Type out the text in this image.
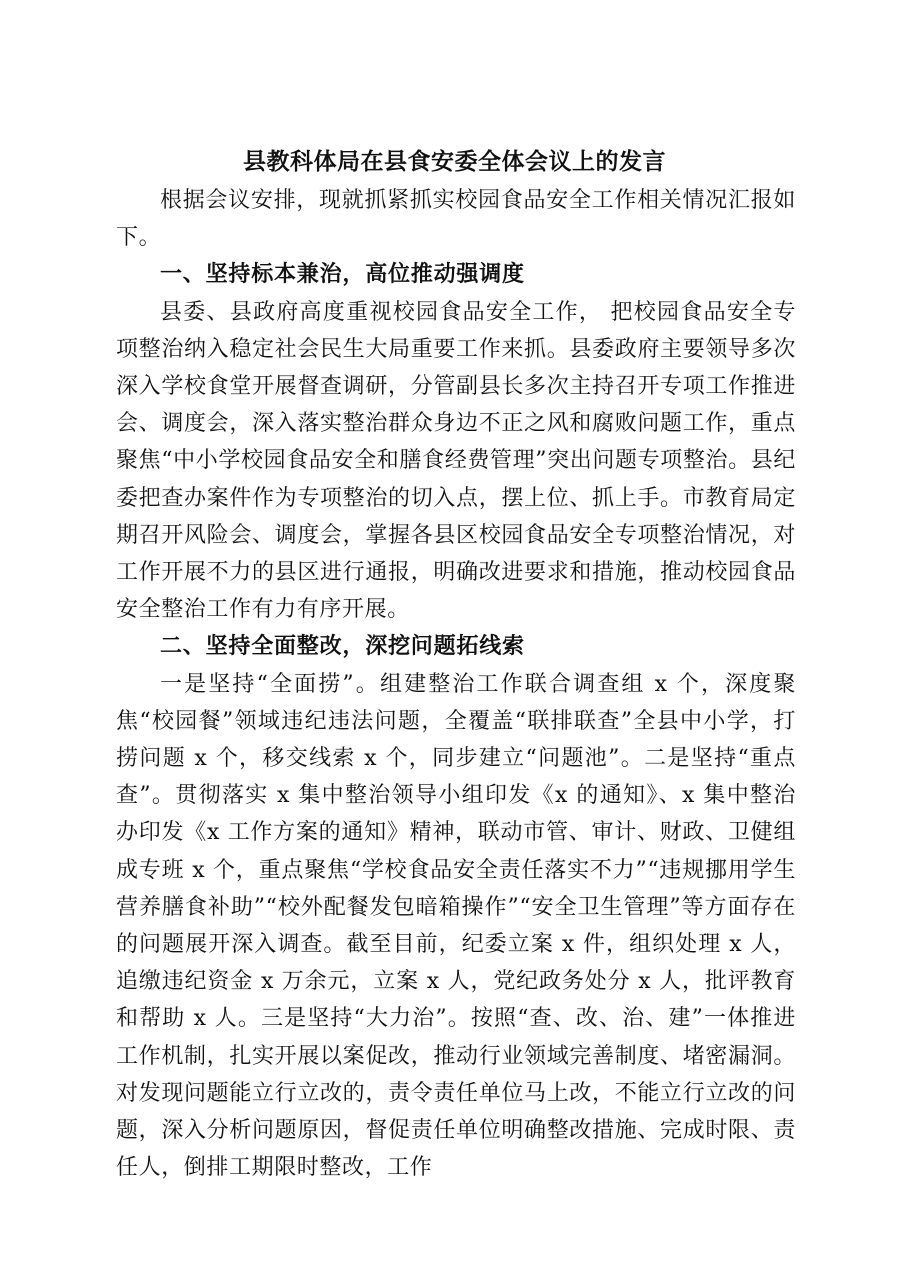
县教科体局在县食安委全体会议上的发言

根据会议安排，现就抓紧抓实校园食品安全工作相关情况汇报如下。

一、坚持标本兼治，高位推动强调度

县委、县政府高度重视校园食品安全工作， 把校园食品安全专项整治纳入稳定社会民生大局重要工作来抓。县委政府主要领导多次深入学校食堂开展督查调研，分管副县长多次主持召开专项工作推进会、调度会，深入落实整治群众身边不正之风和腐败问题工作，重点聚焦“中小学校园食品安全和膳食经费管理”突出问题专项整治。县纪委把查办案件作为专项整治的切入点，摆上位、抓上手。市教育局定期召开风险会、调度会，掌握各县区校园食品安全专项整治情况，对工作开展不力的县区进行通报，明确改进要求和措施，推动校园食品安全整治工作有力有序开展。

二、坚持全面整改，深挖问题拓线索

一是坚持“全面捞”。组建整治工作联合调查组 x 个，深度聚焦“校园餐”领域违纪违法问题，全覆盖“联排联查”全县中小学，打捞问题 x 个，移交线索 x 个，同步建立“问题池”。二是坚持“重点查”。贯彻落实 x 集中整治领导小组印发《x 的通知》、x 集中整治办印发《x 工作方案的通知》精神，联动市管、审计、财政、卫健组成专班 x 个，重点聚焦“学校食品安全责任落实不力”“违规挪用学生营养膳食补助”“校外配餐发包暗箱操作”“安全卫生管理”等方面存在的问题展开深入调查。截至目前，纪委立案 x 件，组织处理 x 人，追缴违纪资金 x 万余元，立案 x 人，党纪政务处分 x 人，批评教育和帮助 x 人。三是坚持“大力治”。按照“查、改、治、建”一体推进工作机制，扎实开展以案促改，推动行业领域完善制度、堵密漏洞。对发现问题能立行立改的，责令责任单位马上改，不能立行立改的问题，深入分析问题原因，督促责任单位明确整改措施、完成时限、责任人，倒排工期限时整改，工作
